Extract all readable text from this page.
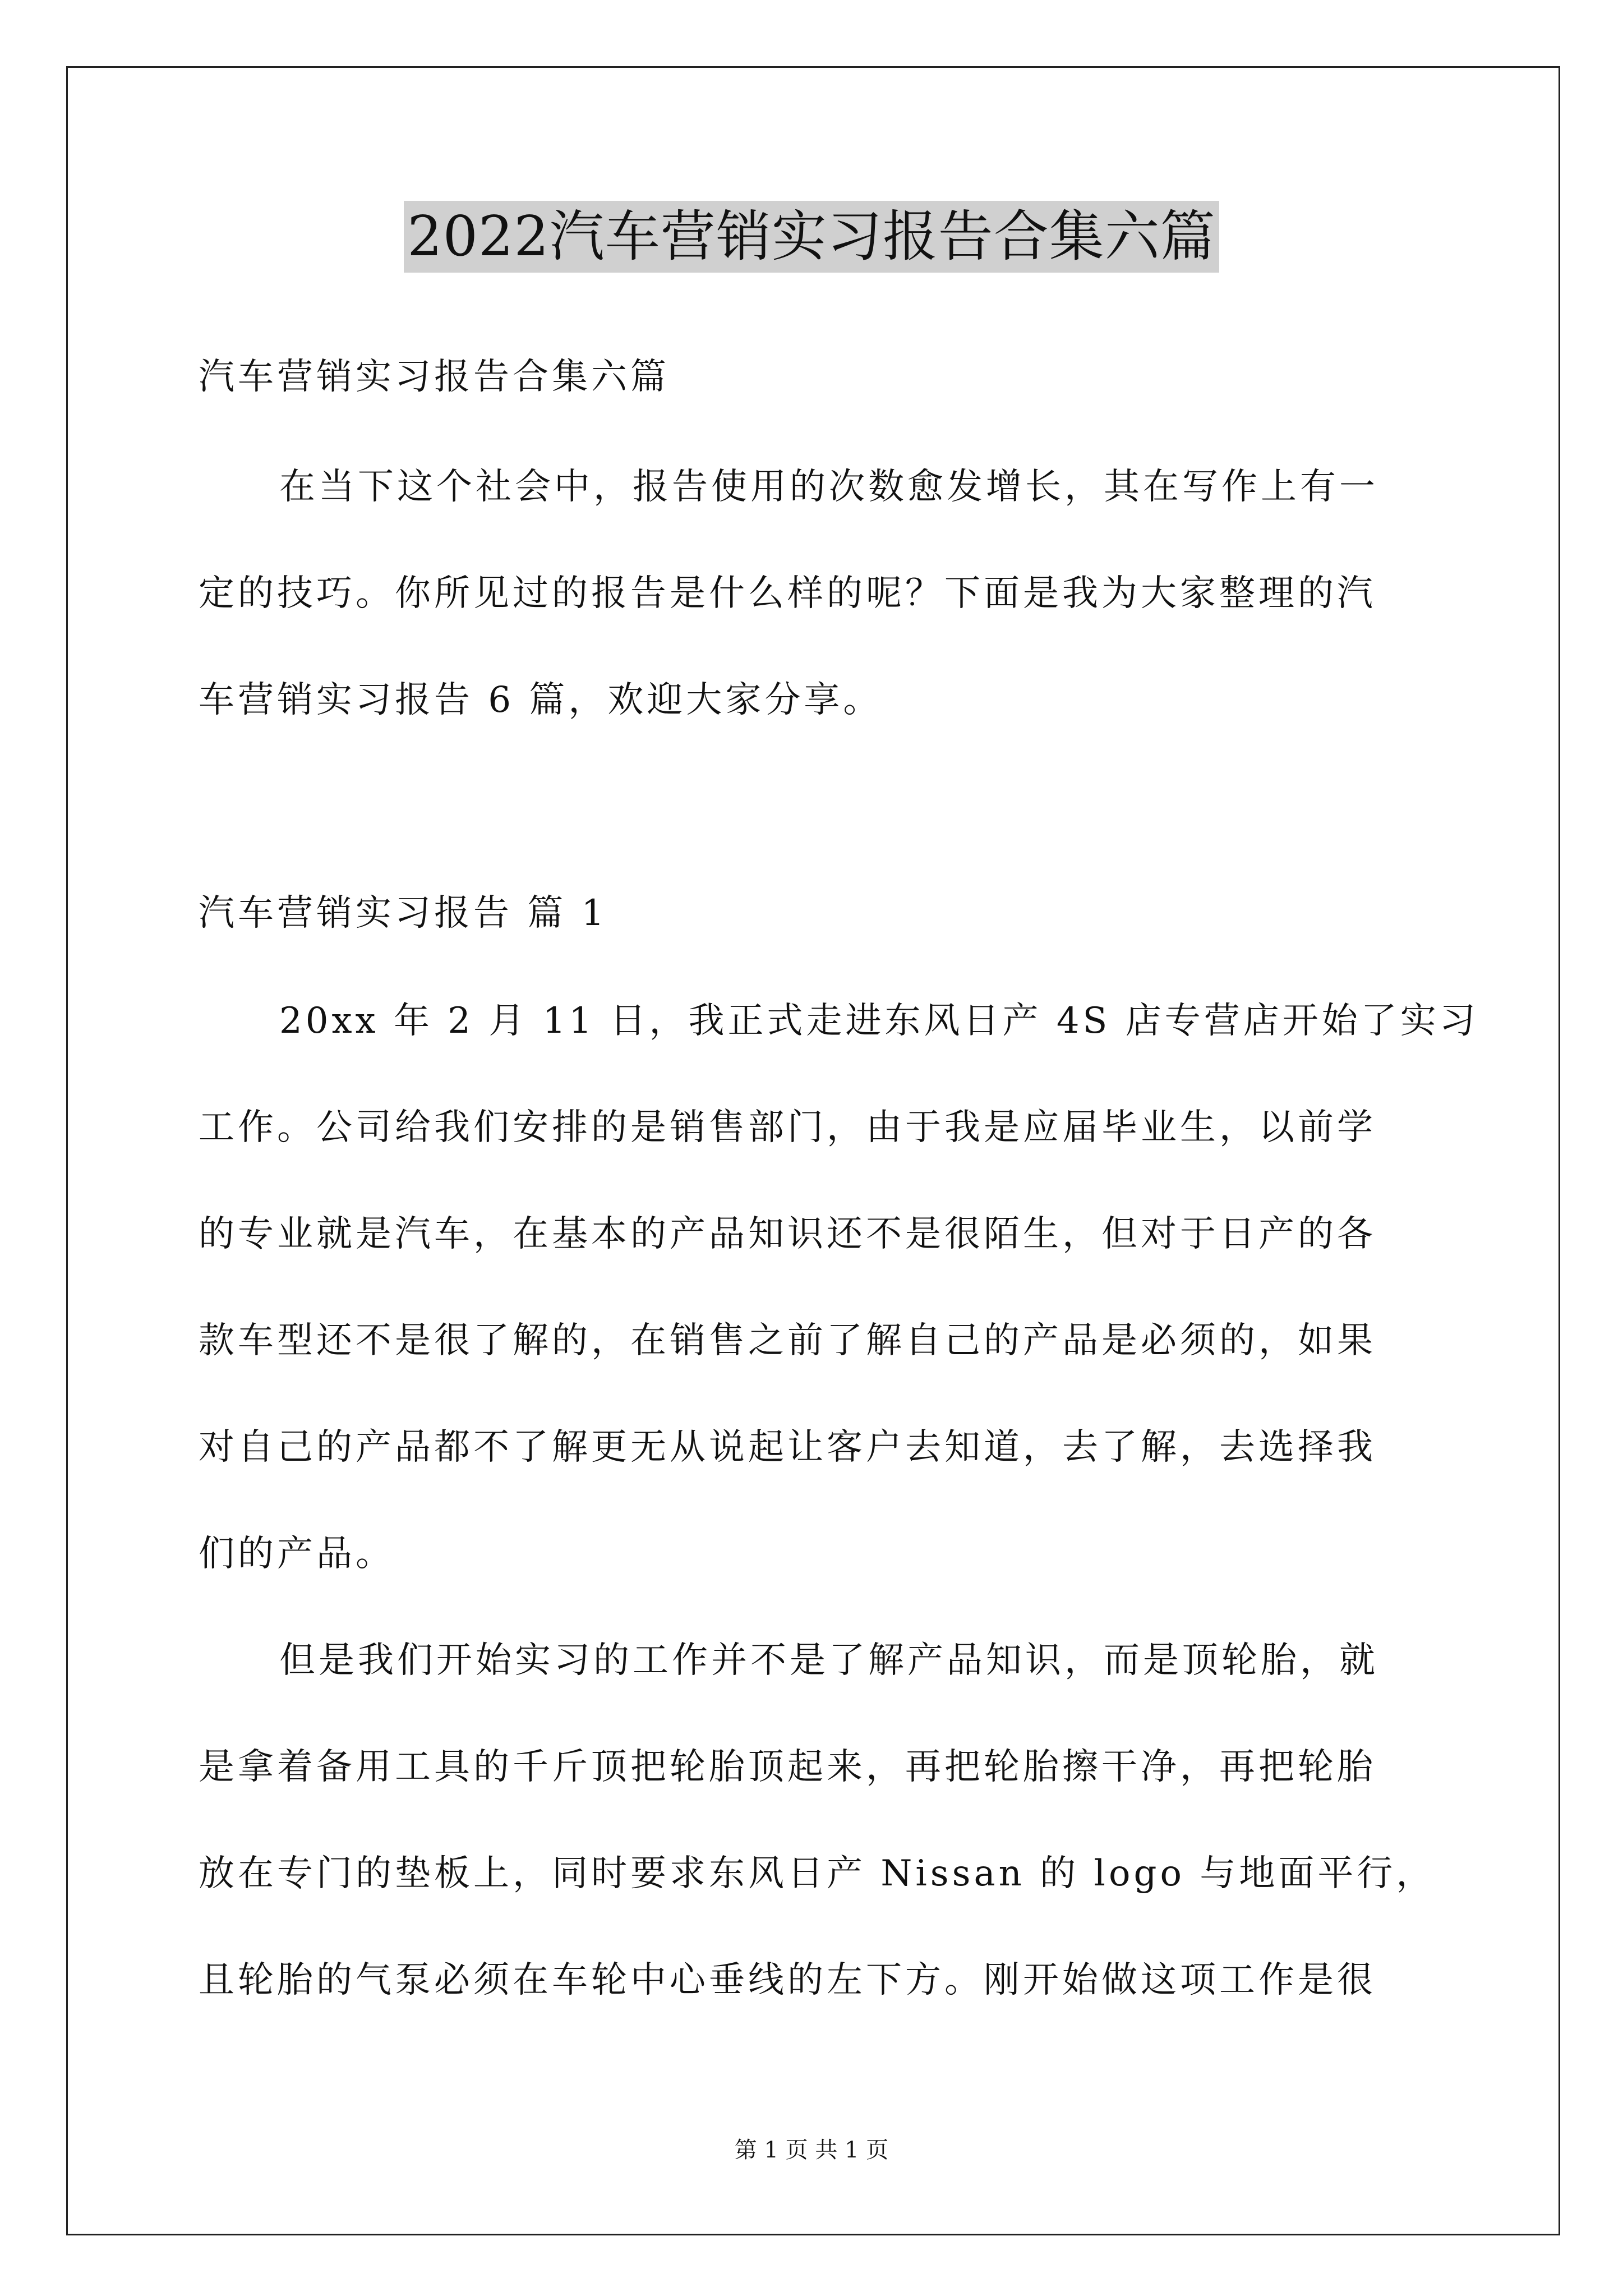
2022汽车营销实习报告合集六篇
汽车营销实习报告合集六篇
在当下这个社会中，报告使用的次数愈发增长，其在写作上有一
定的技巧。你所见过的报告是什么样的呢？下面是我为大家整理的汽
车营销实习报告 6 篇，欢迎大家分享。
汽车营销实习报告 篇 1
20xx 年 2 月 11 日，我正式走进东风日产 4S 店专营店开始了实习
工作。公司给我们安排的是销售部门，由于我是应届毕业生，以前学
的专业就是汽车，在基本的产品知识还不是很陌生，但对于日产的各
款车型还不是很了解的，在销售之前了解自己的产品是必须的，如果
对自己的产品都不了解更无从说起让客户去知道，去了解，去选择我
们的产品。
但是我们开始实习的工作并不是了解产品知识，而是顶轮胎，就
是拿着备用工具的千斤顶把轮胎顶起来，再把轮胎擦干净，再把轮胎
放在专门的垫板上，同时要求东风日产 Nissan 的 logo 与地面平行，
且轮胎的气泵必须在车轮中心垂线的左下方。刚开始做这项工作是很
第 1 页 共 1 页
